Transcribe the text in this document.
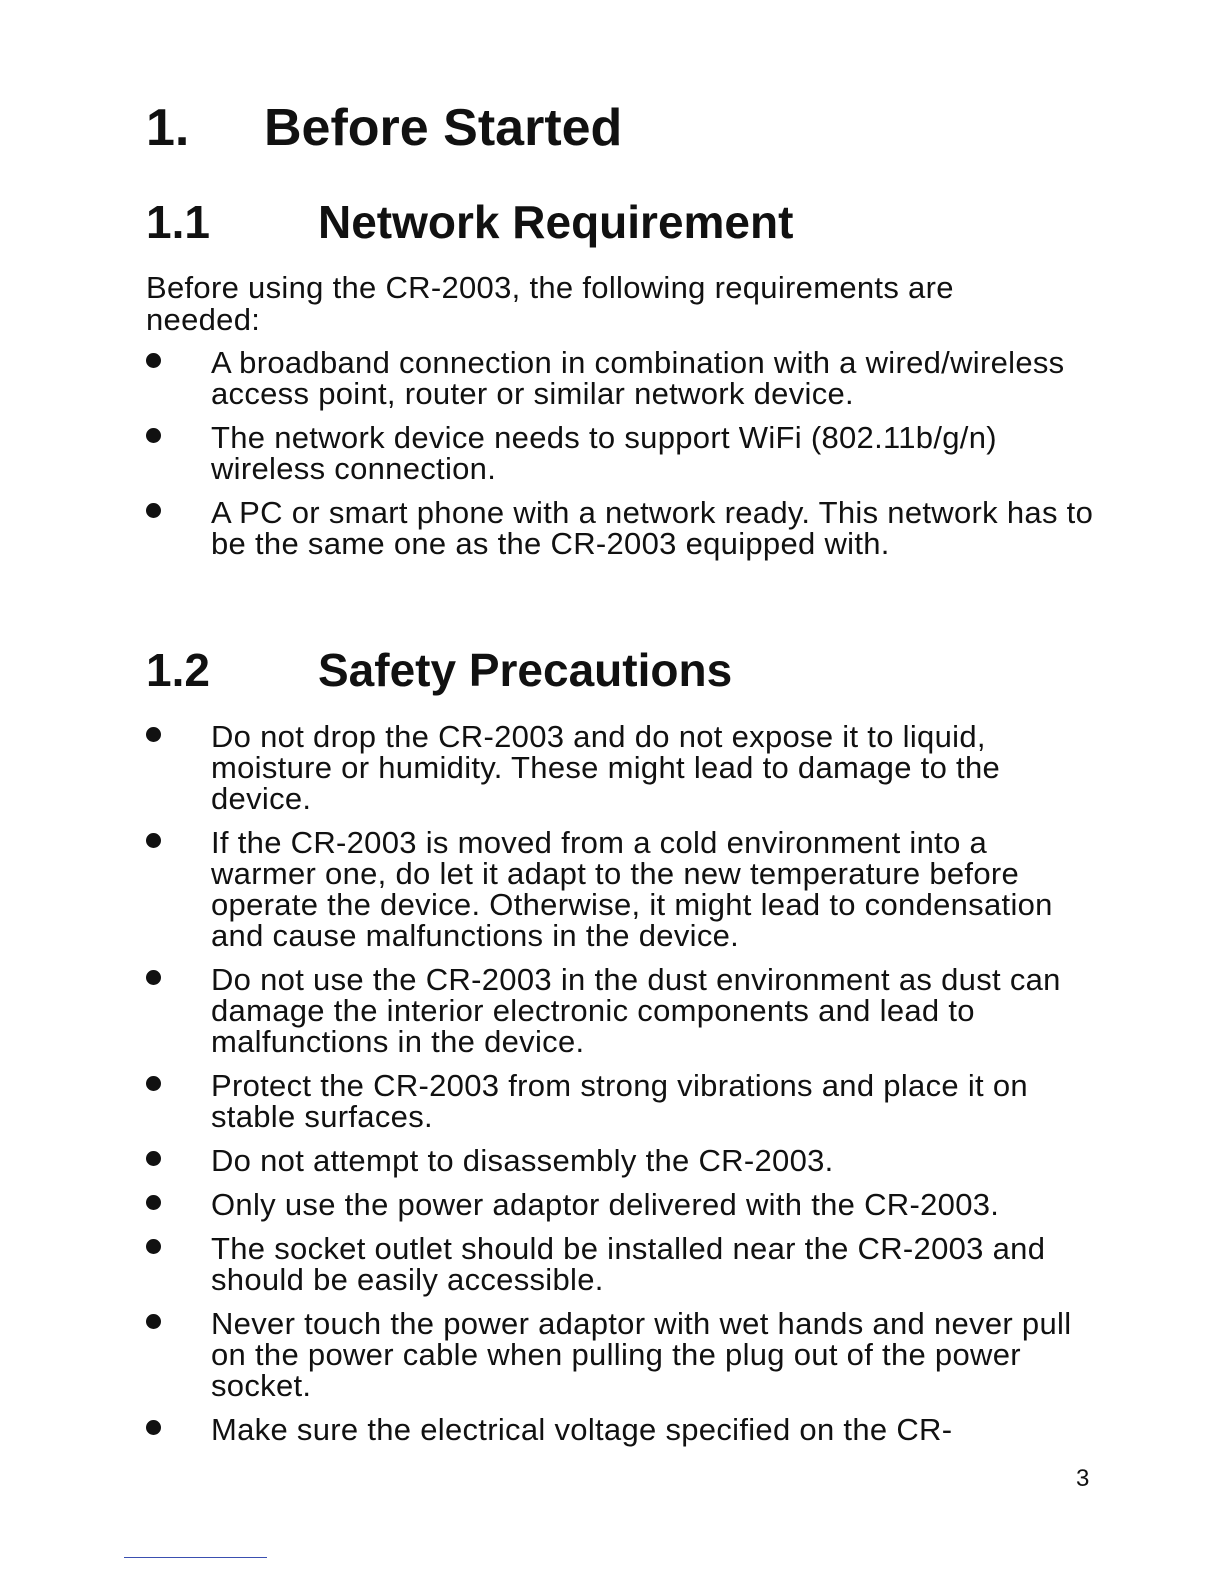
1. Before Started
1.1 Network Requirement
Before using the CR-2003, the following requirements are needed:
A broadband connection in combination with a wired/wireless access point, router or similar network device.
The network device needs to support WiFi (802.11b/g/n) wireless connection.
A PC or smart phone with a network ready. This network has to be the same one as the CR-2003 equipped with.
1.2 Safety Precautions
Do not drop the CR-2003 and do not expose it to liquid, moisture or humidity. These might lead to damage to the device.
If the CR-2003 is moved from a cold environment into a warmer one, do let it adapt to the new temperature before operate the device. Otherwise, it might lead to condensation and cause malfunctions in the device.
Do not use the CR-2003 in the dust environment as dust can damage the interior electronic components and lead to malfunctions in the device.
Protect the CR-2003 from strong vibrations and place it on stable surfaces.
Do not attempt to disassembly the CR-2003.
Only use the power adaptor delivered with the CR-2003.
The socket outlet should be installed near the CR-2003 and should be easily accessible.
Never touch the power adaptor with wet hands and never pull on the power cable when pulling the plug out of the power socket.
Make sure the electrical voltage specified on the CR-
3
